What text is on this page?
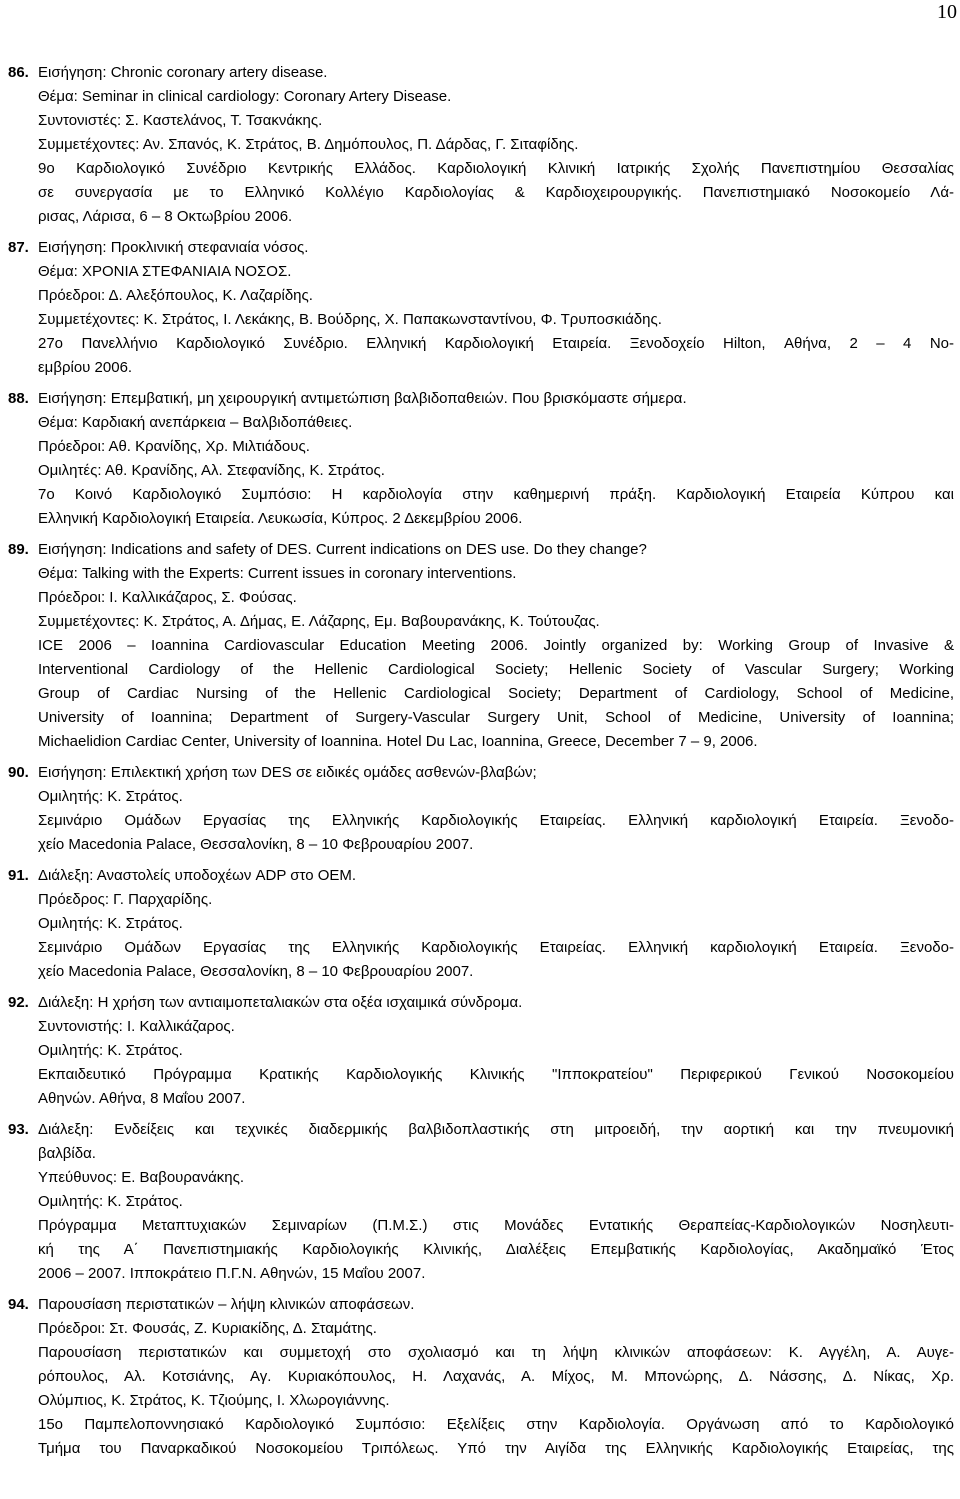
10
86. Εισήγηση: Chronic coronary artery disease.
Θέμα: Seminar in clinical cardiology: Coronary Artery Disease.
Συντονιστές: Σ. Καστελάνος, Τ. Τσακνάκης.
Συμμετέχοντες: Αν. Σπανός, Κ. Στράτος, Β. Δημόπουλος, Π. Δάρδας, Γ. Σιταφίδης.
9ο Καρδιολογικό Συνέδριο Κεντρικής Ελλάδος. Καρδιολογική Κλινική Ιατρικής Σχολής Πανεπιστημίου Θεσσαλίας
σε συνεργασία με το Ελληνικό Κολλέγιο Καρδιολογίας & Καρδιοχειρουργικής. Πανεπιστημιακό Νοσοκομείο Λά-
ρισας, Λάρισα, 6 – 8 Οκτωβρίου 2006.
87. Εισήγηση: Προκλινική στεφανιαία νόσος.
Θέμα: ΧΡΟΝΙΑ ΣΤΕΦΑΝΙΑΙΑ ΝΟΣΟΣ.
Πρόεδροι: Δ. Αλεξόπουλος, Κ. Λαζαρίδης.
Συμμετέχοντες: Κ. Στράτος, Ι. Λεκάκης, Β. Βούδρης, Χ. Παπακωνσταντίνου, Φ. Τρυποσκιάδης.
27ο Πανελλήνιο Καρδιολογικό Συνέδριο. Ελληνική Καρδιολογική Εταιρεία. Ξενοδοχείο Hilton, Αθήνα, 2 – 4 Νο-
εμβρίου 2006.
88. Εισήγηση: Επεμβατική, μη χειρουργική αντιμετώπιση βαλβιδοπαθειών. Που βρισκόμαστε σήμερα.
Θέμα: Καρδιακή ανεπάρκεια – Βαλβιδοπάθειες.
Πρόεδροι: Αθ. Κρανίδης, Χρ. Μιλτιάδους.
Ομιλητές: Αθ. Κρανίδης, Αλ. Στεφανίδης, Κ. Στράτος.
7ο Κοινό Καρδιολογικό Συμπόσιο: Η καρδιολογία στην καθημερινή πράξη. Καρδιολογική Εταιρεία Κύπρου και
Ελληνική Καρδιολογική Εταιρεία. Λευκωσία, Κύπρος. 2 Δεκεμβρίου 2006.
89. Εισήγηση: Indications and safety of DES. Current indications on DES use. Do they change?
Θέμα: Talking with the Experts: Current issues in coronary interventions.
Πρόεδροι: Ι. Καλλικάζαρος, Σ. Φούσας.
Συμμετέχοντες: Κ. Στράτος, Α. Δήμας, Ε. Λάζαρης, Εμ. Βαβουρανάκης, Κ. Τούτουζας.
ICE 2006 – Ioannina Cardiovascular Education Meeting 2006. Jointly organized by: Working Group of Invasive &
Interventional Cardiology of the Hellenic Cardiological Society; Hellenic Society of Vascular Surgery; Working
Group of Cardiac Nursing of the Hellenic Cardiological Society; Department of Cardiology, School of Medicine,
University of Ioannina; Department of Surgery-Vascular Surgery Unit, School of Medicine, University of Ioannina;
Michaelidion Cardiac Center, University of Ioannina. Hotel Du Lac, Ioannina, Greece, December 7 – 9, 2006.
90. Εισήγηση: Επιλεκτική χρήση των DES σε ειδικές ομάδες ασθενών-βλαβών;
Ομιλητής: Κ. Στράτος.
Σεμινάριο Ομάδων Εργασίας της Ελληνικής Καρδιολογικής Εταιρείας. Ελληνική καρδιολογική Εταιρεία. Ξενοδο-
χείο Macedonia Palace, Θεσσαλονίκη, 8 – 10 Φεβρουαρίου 2007.
91. Διάλεξη: Αναστολείς υποδοχέων ADP στο ΟΕΜ.
Πρόεδρος: Γ. Παρχαρίδης.
Ομιλητής: Κ. Στράτος.
Σεμινάριο Ομάδων Εργασίας της Ελληνικής Καρδιολογικής Εταιρείας. Ελληνική καρδιολογική Εταιρεία. Ξενοδο-
χείο Macedonia Palace, Θεσσαλονίκη, 8 – 10 Φεβρουαρίου 2007.
92. Διάλεξη: Η χρήση των αντιαιμοπεταλιακών στα οξέα ισχαιμικά σύνδρομα.
Συντονιστής: Ι. Καλλικάζαρος.
Ομιλητής: Κ. Στράτος.
Εκπαιδευτικό Πρόγραμμα Κρατικής Καρδιολογικής Κλινικής "Ιπποκρατείου" Περιφερικού Γενικού Νοσοκομείου
Αθηνών. Αθήνα, 8 Μαΐου 2007.
93. Διάλεξη: Ενδείξεις και τεχνικές διαδερμικής βαλβιδοπλαστικής στη μιτροειδή, την αορτική και την πνευμονική
βαλβίδα.
Υπεύθυνος: Ε. Βαβουρανάκης.
Ομιλητής: Κ. Στράτος.
Πρόγραμμα Μεταπτυχιακών Σεμιναρίων (Π.Μ.Σ.) στις Μονάδες Εντατικής Θεραπείας-Καρδιολογικών Νοσηλευτι-
κή της Α΄ Πανεπιστημιακής Καρδιολογικής Κλινικής, Διαλέξεις Επεμβατικής Καρδιολογίας, Ακαδημαϊκό Έτος
2006 – 2007. Ιπποκράτειο Π.Γ.Ν. Αθηνών, 15 Μαΐου 2007.
94. Παρουσίαση περιστατικών – λήψη κλινικών αποφάσεων.
Πρόεδροι: Στ. Φουσάς, Ζ. Κυριακίδης, Δ. Σταμάτης.
Παρουσίαση περιστατικών και συμμετοχή στο σχολιασμό και τη λήψη κλινικών αποφάσεων: Κ. Αγγέλη, Α. Αυγε-
ρόπουλος, Αλ. Κοτσιάνης, Αγ. Κυριακόπουλος, Η. Λαχανάς, Α. Μίχος, Μ. Μπονώρης, Δ. Νάσσης, Δ. Νίκας, Χρ.
Ολύμπιος, Κ. Στράτος, Κ. Τζιούμης, Ι. Χλωρογιάννης.
15ο Παμπελοποννησιακό Καρδιολογικό Συμπόσιο: Εξελίξεις στην Καρδιολογία. Οργάνωση από το Καρδιολογικό
Τμήμα του Παναρκαδικού Νοσοκομείου Τριπόλεως. Υπό την Αιγίδα της Ελληνικής Καρδιολογικής Εταιρείας, της
